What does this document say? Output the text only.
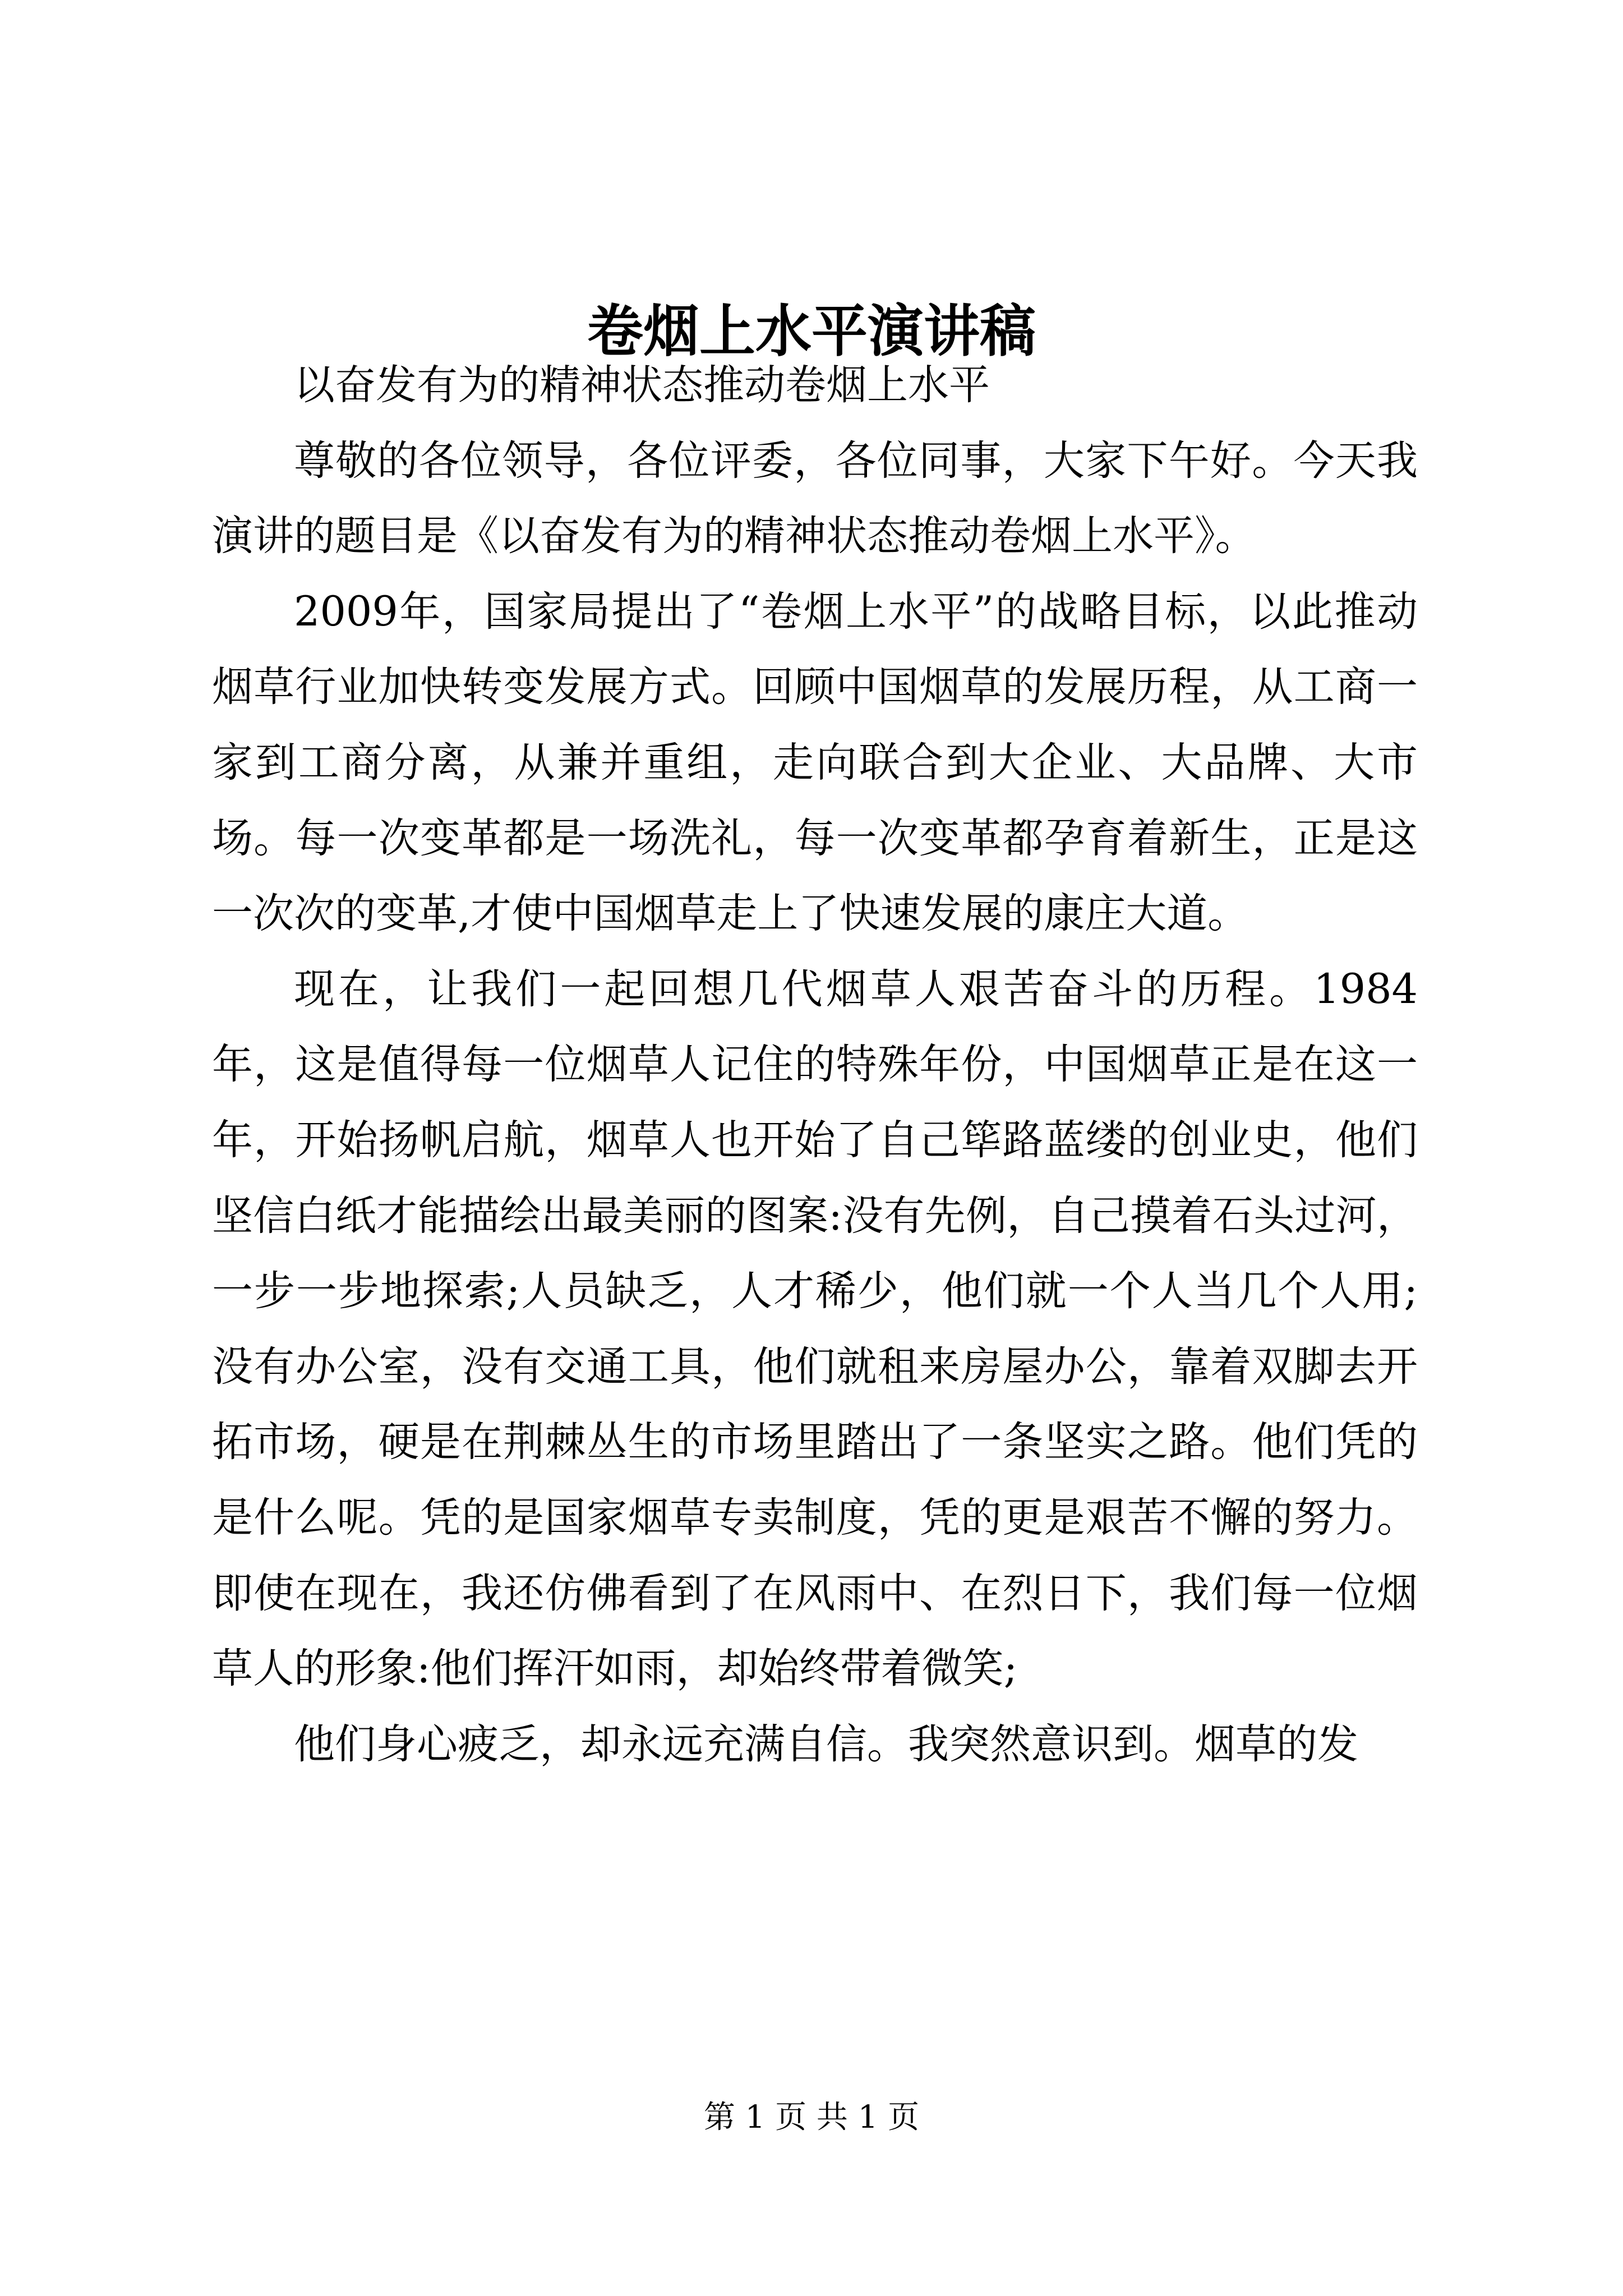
卷烟上水平演讲稿

以奋发有为的精神状态推动卷烟上水平

尊敬的各位领导，各位评委，各位同事，大家下午好。今天我演讲的题目是《以奋发有为的精神状态推动卷烟上水平》。

2009年，国家局提出了“卷烟上水平”的战略目标，以此推动烟草行业加快转变发展方式。回顾中国烟草的发展历程，从工商一家到工商分离，从兼并重组，走向联合到大企业、大品牌、大市场。每一次变革都是一场洗礼，每一次变革都孕育着新生，正是这一次次的变革,才使中国烟草走上了快速发展的康庄大道。

现在，让我们一起回想几代烟草人艰苦奋斗的历程。1984年，这是值得每一位烟草人记住的特殊年份，中国烟草正是在这一年，开始扬帆启航，烟草人也开始了自己筚路蓝缕的创业史，他们坚信白纸才能描绘出最美丽的图案:没有先例，自己摸着石头过河，一步一步地探索;人员缺乏，人才稀少，他们就一个人当几个人用;没有办公室，没有交通工具，他们就租来房屋办公，靠着双脚去开拓市场，硬是在荆棘丛生的市场里踏出了一条坚实之路。他们凭的是什么呢。凭的是国家烟草专卖制度，凭的更是艰苦不懈的努力。即使在现在，我还仿佛看到了在风雨中、在烈日下，我们每一位烟草人的形象:他们挥汗如雨，却始终带着微笑;

他们身心疲乏，却永远充满自信。我突然意识到。烟草的发

第 1 页 共 1 页
